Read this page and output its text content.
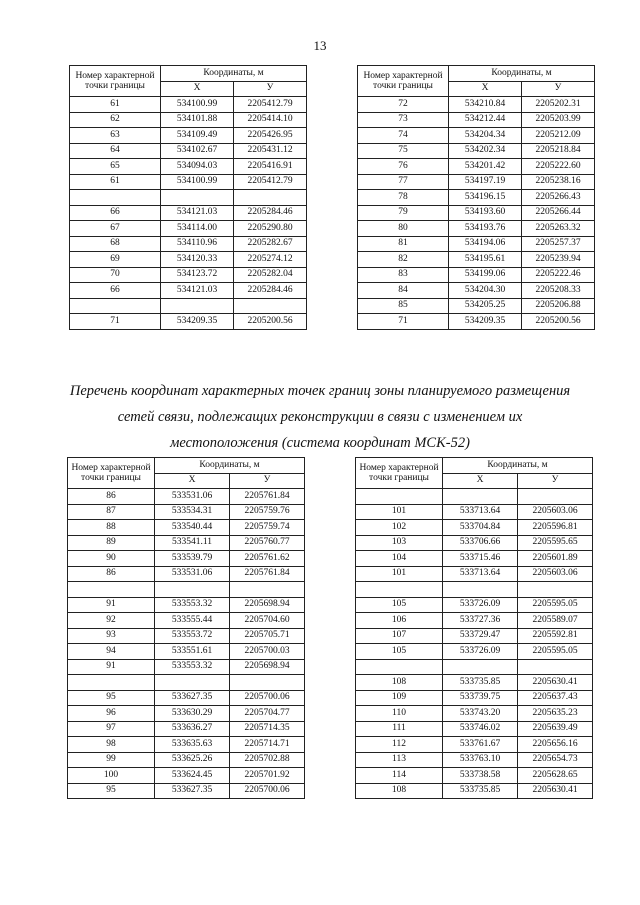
13
Номер характерной точки границы	Координаты, м	
	X	У
61	534100.99	2205412.79
62	534101.88	2205414.10
63	534109.49	2205426.95
64	534102.67	2205431.12
65	534094.03	2205416.91
61	534100.99	2205412.79

66	534121.03	2205284.46
67	534114.00	2205290.80
68	534110.96	2205282.67
69	534120.33	2205274.12
70	534123.72	2205282.04
66	534121.03	2205284.46

71	534209.35	2205200.56
Номер характерной точки границы	Координаты, м	
	X	У
72	534210.84	2205202.31
73	534212.44	2205203.99
74	534204.34	2205212.09
75	534202.34	2205218.84
76	534201.42	2205222.60
77	534197.19	2205238.16
78	534196.15	2205266.43
79	534193.60	2205266.44
80	534193.76	2205263.32
81	534194.06	2205257.37
82	534195.61	2205239.94
83	534199.06	2205222.46
84	534204.30	2205208.33
85	534205.25	2205206.88
71	534209.35	2205200.56
Перечень координат характерных точек границ зоны планируемого размещения
сетей связи, подлежащих реконструкции в связи с изменением их
местоположения (система координат МСК-52)
Номер характерной точки границы	Координаты, м	
	X	У
86	533531.06	2205761.84
87	533534.31	2205759.76
88	533540.44	2205759.74
89	533541.11	2205760.77
90	533539.79	2205761.62
86	533531.06	2205761.84

91	533553.32	2205698.94
92	533555.44	2205704.60
93	533553.72	2205705.71
94	533551.61	2205700.03
91	533553.32	2205698.94

95	533627.35	2205700.06
96	533630.29	2205704.77
97	533636.27	2205714.35
98	533635.63	2205714.71
99	533625.26	2205702.88
100	533624.45	2205701.92
95	533627.35	2205700.06
Номер характерной точки границы	Координаты, м	
	X	У

101	533713.64	2205603.06
102	533704.84	2205596.81
103	533706.66	2205595.65
104	533715.46	2205601.89
101	533713.64	2205603.06

105	533726.09	2205595.05
106	533727.36	2205589.07
107	533729.47	2205592.81
105	533726.09	2205595.05

108	533735.85	2205630.41
109	533739.75	2205637.43
110	533743.20	2205635.23
111	533746.02	2205639.49
112	533761.67	2205656.16
113	533763.10	2205654.73
114	533738.58	2205628.65
108	533735.85	2205630.41
